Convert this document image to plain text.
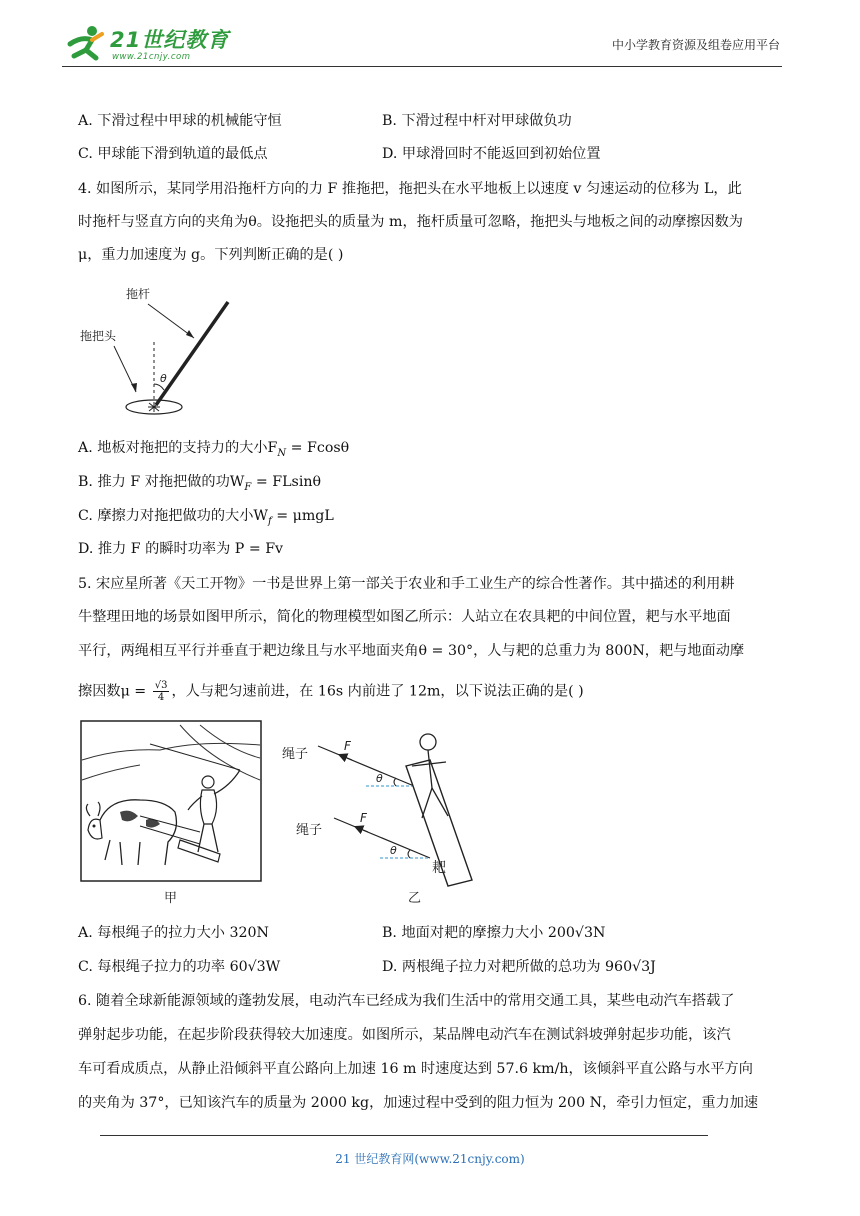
21世纪教育
www.21cnjy.com
中小学教育资源及组卷应用平台
A. 下滑过程中甲球的机械能守恒	B. 下滑过程中杆对甲球做负功
C. 甲球能下滑到轨道的最低点	D. 甲球滑回时不能返回到初始位置
4. 如图所示，某同学用沿拖杆方向的力 F 推拖把，拖把头在水平地板上以速度 v 匀速运动的位移为 L，此
时拖杆与竖直方向的夹角为θ。设拖把头的质量为 m，拖杆质量可忽略，拖把头与地板之间的动摩擦因数为
μ，重力加速度为 g。下列判断正确的是( )
拖杆
拖把头
θ
A. 地板对拖把的支持力的大小$F_N = Fcos\theta$
B. 推力 F 对拖把做的功$W_F = FLsin\theta$
C. 摩擦力对拖把做功的大小$W_f = \mu mgL$
D. 推力 F 的瞬时功率为 P = Fv
5. 宋应星所著《天工开物》一书是世界上第一部关于农业和手工业生产的综合性著作。其中描述的利用耕
牛整理田地的场景如图甲所示，简化的物理模型如图乙所示：人站立在农具耙的中间位置，耙与水平地面
平行，两绳相互平行并垂直于耙边缘且与水平地面夹角θ = 30°，人与耙的总重力为 800N，耙与地面动摩
擦因数$\mu = \frac{√3}{4}$ ，人与耙匀速前进，在 16s 内前进了 12m，以下说法正确的是( )
甲
绳子
绳子
F
θ
F
θ
耙
乙
A. 每根绳子的拉力大小 320N	B. 地面对耙的摩擦力大小 200√3N
C. 每根绳子拉力的功率 60√3W	D. 两根绳子拉力对耙所做的总功为 960√3J
6. 随着全球新能源领域的蓬勃发展，电动汽车已经成为我们生活中的常用交通工具，某些电动汽车搭载了
弹射起步功能，在起步阶段获得较大加速度。如图所示，某品牌电动汽车在测试斜坡弹射起步功能，该汽
车可看成质点，从静止沿倾斜平直公路向上加速 16 m 时速度达到 57.6 km/h，该倾斜平直公路与水平方向
的夹角为 37°，已知该汽车的质量为 2000 kg，加速过程中受到的阻力恒为 200 N，牵引力恒定，重力加速
21 世纪教育网(www.21cnjy.com)
